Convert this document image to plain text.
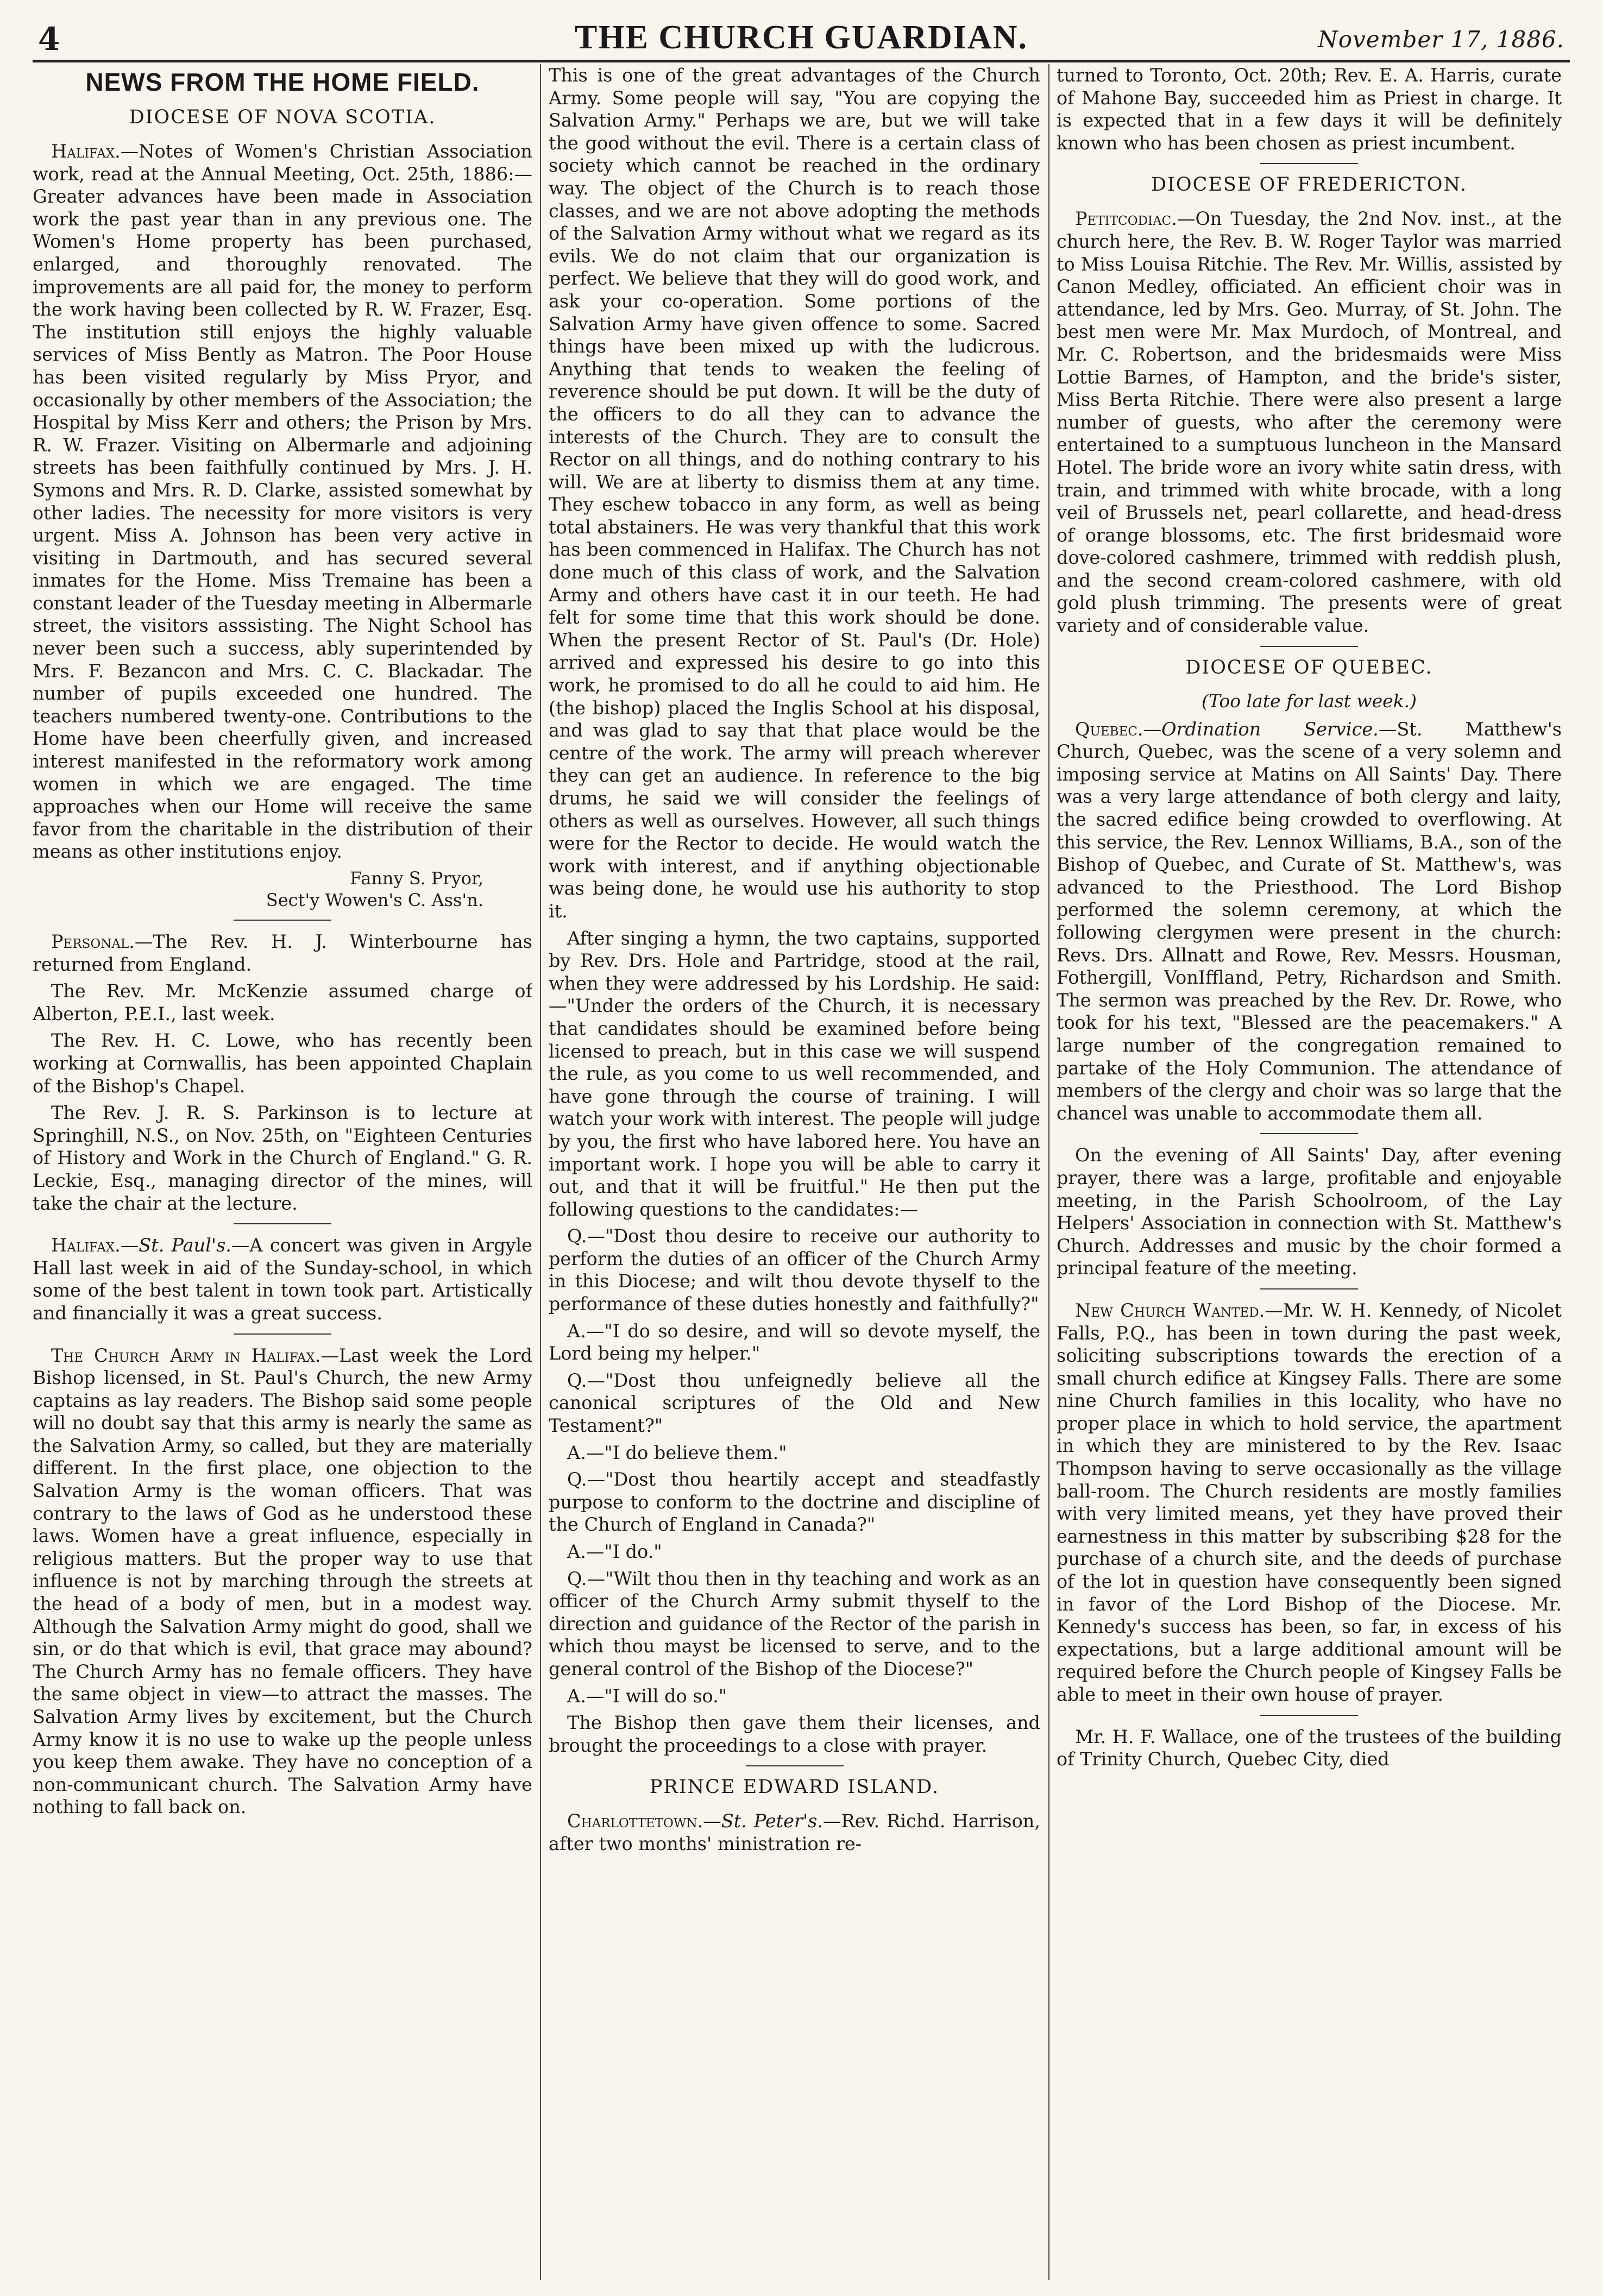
4	THE CHURCH GUARDIAN.	November 17, 1886.
NEWS FROM THE HOME FIELD.
DIOCESE OF NOVA SCOTIA.

Halifax.—Notes of Women's Christian Association work, read at the Annual Meeting, Oct. 25th, 1886:—Greater advances have been made in Association work the past year than in any previous one. The Women's Home property has been purchased, enlarged, and thoroughly renovated. The improvements are all paid for, the money to perform the work having been collected by R. W. Frazer, Esq. The institution still enjoys the highly valuable services of Miss Bently as Matron. The Poor House has been visited regularly by Miss Pryor, and occasionally by other members of the Association; the Hospital by Miss Kerr and others; the Prison by Mrs. R. W. Frazer. Visiting on Albermarle and adjoining streets has been faithfully continued by Mrs. J. H. Symons and Mrs. R. D. Clarke, assisted somewhat by other ladies. The necessity for more visitors is very urgent. Miss A. Johnson has been very active in visiting in Dartmouth, and has secured several inmates for the Home. Miss Tremaine has been a constant leader of the Tuesday meeting in Albermarle street, the visitors asssisting. The Night School has never been such a success, ably superintended by Mrs. F. Bezancon and Mrs. C. C. Blackadar. The number of pupils exceeded one hundred. The teachers numbered twenty-one. Contributions to the Home have been cheerfully given, and increased interest manifested in the reformatory work among women in which we are engaged. The time approaches when our Home will receive the same favor from the charitable in the distribution of their means as other institutions enjoy.

Fanny S. Pryor,
Sect'y Wowen's C. Ass'n.

Personal.—The Rev. H. J. Winterbourne has returned from England.

The Rev. Mr. McKenzie assumed charge of Alberton, P.E.I., last week.

The Rev. H. C. Lowe, who has recently been working at Cornwallis, has been appointed Chaplain of the Bishop's Chapel.

The Rev. J. R. S. Parkinson is to lecture at Springhill, N.S., on Nov. 25th, on "Eighteen Centuries of History and Work in the Church of England." G. R. Leckie, Esq., managing director of the mines, will take the chair at the lecture.

Halifax.—St. Paul's.—A concert was given in Argyle Hall last week in aid of the Sunday-school, in which some of the best talent in town took part. Artistically and financially it was a great success.

The Church Army in Halifax.—Last week the Lord Bishop licensed, in St. Paul's Church, the new Army captains as lay readers. The Bishop said some people will no doubt say that this army is nearly the same as the Salvation Army, so called, but they are materially different. In the first place, one objection to the Salvation Army is the woman officers. That was contrary to the laws of God as he understood these laws. Women have a great influence, especially in religious matters. But the proper way to use that influence is not by marching through the streets at the head of a body of men, but in a modest way. Although the Salvation Army might do good, shall we sin, or do that which is evil, that grace may abound? The Church Army has no female officers. They have the same object in view—to attract the masses. The Salvation Army lives by excitement, but the Church Army know it is no use to wake up the people unless you keep them awake. They have no conception of a non-communicant church. The Salvation Army have nothing to fall back on.

This is one of the great advantages of the Church Army. Some people will say, "You are copying the Salvation Army." Perhaps we are, but we will take the good without the evil. There is a certain class of society which cannot be reached in the ordinary way. The object of the Church is to reach those classes, and we are not above adopting the methods of the Salvation Army without what we regard as its evils. We do not claim that our organization is perfect. We believe that they will do good work, and ask your co-operation. Some portions of the Salvation Army have given offence to some. Sacred things have been mixed up with the ludicrous. Anything that tends to weaken the feeling of reverence should be put down. It will be the duty of the officers to do all they can to advance the interests of the Church. They are to consult the Rector on all things, and do nothing contrary to his will. We are at liberty to dismiss them at any time. They eschew tobacco in any form, as well as being total abstainers. He was very thankful that this work has been commenced in Halifax. The Church has not done much of this class of work, and the Salvation Army and others have cast it in our teeth. He had felt for some time that this work should be done. When the present Rector of St. Paul's (Dr. Hole) arrived and expressed his desire to go into this work, he promised to do all he could to aid him. He (the bishop) placed the Inglis School at his disposal, and was glad to say that that place would be the centre of the work. The army will preach wherever they can get an audience. In reference to the big drums, he said we will consider the feelings of others as well as ourselves. However, all such things were for the Rector to decide. He would watch the work with interest, and if anything objectionable was being done, he would use his authority to stop it.

After singing a hymn, the two captains, supported by Rev. Drs. Hole and Partridge, stood at the rail, when they were addressed by his Lordship. He said:—"Under the orders of the Church, it is necessary that candidates should be examined before being licensed to preach, but in this case we will suspend the rule, as you come to us well recommended, and have gone through the course of training. I will watch your work with interest. The people will judge by you, the first who have labored here. You have an important work. I hope you will be able to carry it out, and that it will be fruitful." He then put the following questions to the candidates:—

Q.—"Dost thou desire to receive our authority to perform the duties of an officer of the Church Army in this Diocese; and wilt thou devote thyself to the performance of these duties honestly and faithfully?"

A.—"I do so desire, and will so devote myself, the Lord being my helper."

Q.—"Dost thou unfeignedly believe all the canonical scriptures of the Old and New Testament?"

A.—"I do believe them."

Q.—"Dost thou heartily accept and steadfastly purpose to conform to the doctrine and discipline of the Church of England in Canada?"

A.—"I do."

Q.—"Wilt thou then in thy teaching and work as an officer of the Church Army submit thyself to the direction and guidance of the Rector of the parish in which thou mayst be licensed to serve, and to the general control of the Bishop of the Diocese?"

A.—"I will do so."

The Bishop then gave them their licenses, and brought the proceedings to a close with prayer.

PRINCE EDWARD ISLAND.

Charlottetown.—St. Peter's.—Rev. Richd. Harrison, after two months' ministration re-

turned to Toronto, Oct. 20th; Rev. E. A. Harris, curate of Mahone Bay, succeeded him as Priest in charge. It is expected that in a few days it will be definitely known who has been chosen as priest incumbent.

DIOCESE OF FREDERICTON.

Petitcodiac.—On Tuesday, the 2nd Nov. inst., at the church here, the Rev. B. W. Roger Taylor was married to Miss Louisa Ritchie. The Rev. Mr. Willis, assisted by Canon Medley, officiated. An efficient choir was in attendance, led by Mrs. Geo. Murray, of St. John. The best men were Mr. Max Murdoch, of Montreal, and Mr. C. Robertson, and the bridesmaids were Miss Lottie Barnes, of Hampton, and the bride's sister, Miss Berta Ritchie. There were also present a large number of guests, who after the ceremony were entertained to a sumptuous luncheon in the Mansard Hotel. The bride wore an ivory white satin dress, with train, and trimmed with white brocade, with a long veil of Brussels net, pearl collarette, and head-dress of orange blossoms, etc. The first bridesmaid wore dove-colored cashmere, trimmed with reddish plush, and the second cream-colored cashmere, with old gold plush trimming. The presents were of great variety and of considerable value.

DIOCESE OF QUEBEC.
(Too late for last week.)

Quebec.—Ordination Service.—St. Matthew's Church, Quebec, was the scene of a very solemn and imposing service at Matins on All Saints' Day. There was a very large attendance of both clergy and laity, the sacred edifice being crowded to overflowing. At this service, the Rev. Lennox Williams, B.A., son of the Bishop of Quebec, and Curate of St. Matthew's, was advanced to the Priesthood. The Lord Bishop performed the solemn ceremony, at which the following clergymen were present in the church: Revs. Drs. Allnatt and Rowe, Rev. Messrs. Housman, Fothergill, VonIffland, Petry, Richardson and Smith. The sermon was preached by the Rev. Dr. Rowe, who took for his text, "Blessed are the peacemakers." A large number of the congregation remained to partake of the Holy Communion. The attendance of members of the clergy and choir was so large that the chancel was unable to accommodate them all.

On the evening of All Saints' Day, after evening prayer, there was a large, profitable and enjoyable meeting, in the Parish Schoolroom, of the Lay Helpers' Association in connection with St. Matthew's Church. Addresses and music by the choir formed a principal feature of the meeting.

New Church Wanted.—Mr. W. H. Kennedy, of Nicolet Falls, P.Q., has been in town during the past week, soliciting subscriptions towards the erection of a small church edifice at Kingsey Falls. There are some nine Church families in this locality, who have no proper place in which to hold service, the apartment in which they are ministered to by the Rev. Isaac Thompson having to serve occasionally as the village ball-room. The Church residents are mostly families with very limited means, yet they have proved their earnestness in this matter by subscribing $28 for the purchase of a church site, and the deeds of purchase of the lot in question have consequently been signed in favor of the Lord Bishop of the Diocese. Mr. Kennedy's success has been, so far, in excess of his expectations, but a large additional amount will be required before the Church people of Kingsey Falls be able to meet in their own house of prayer.

Mr. H. F. Wallace, one of the trustees of the building of Trinity Church, Quebec City, died
